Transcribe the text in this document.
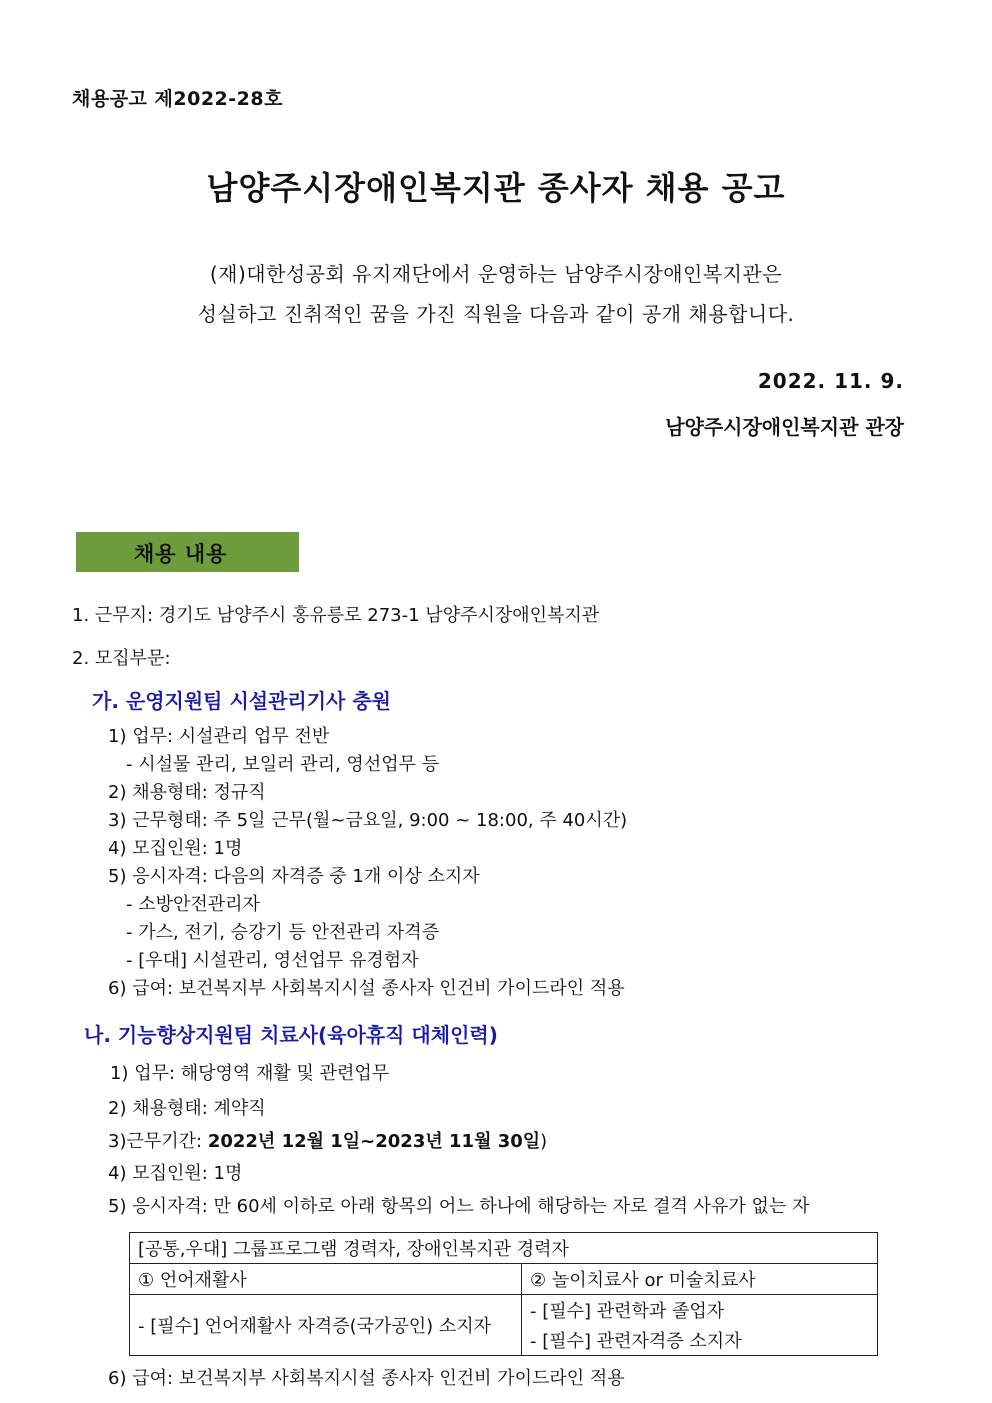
채용공고 제2022-28호
남양주시장애인복지관 종사자 채용 공고
(재)대한성공회 유지재단에서 운영하는 남양주시장애인복지관은
성실하고 진취적인 꿈을 가진 직원을 다음과 같이 공개 채용합니다.
2022. 11. 9.
남양주시장애인복지관 관장
채용 내용
1. 근무지: 경기도 남양주시 홍유릉로 273-1 남양주시장애인복지관
2. 모집부문:
가. 운영지원팀 시설관리기사 충원
1) 업무: 시설관리 업무 전반
- 시설물 관리, 보일러 관리, 영선업무 등
2) 채용형태: 정규직
3) 근무형태: 주 5일 근무(월~금요일, 9:00 ~ 18:00, 주 40시간)
4) 모집인원: 1명
5) 응시자격: 다음의 자격증 중 1개 이상 소지자
- 소방안전관리자
- 가스, 전기, 승강기 등 안전관리 자격증
- [우대] 시설관리, 영선업무 유경험자
6) 급여: 보건복지부 사회복지시설 종사자 인건비 가이드라인 적용
나. 기능향상지원팀 치료사(육아휴직 대체인력)
1) 업무: 해당영역 재활 및 관련업무
2) 채용형태: 계약직
3)근무기간: 2022년 12월 1일~2023년 11월 30일)
4) 모집인원: 1명
5) 응시자격: 만 60세 이하로 아래 항목의 어느 하나에 해당하는 자로 결격 사유가 없는 자
[공통,우대] 그룹프로그램 경력자, 장애인복지관 경력자	
① 언어재활사	② 놀이치료사 or 미술치료사
- [필수] 언어재활사 자격증(국가공인) 소지자	- [필수] 관련학과 졸업자
	- [필수] 관련자격증 소지자
6) 급여: 보건복지부 사회복지시설 종사자 인건비 가이드라인 적용
